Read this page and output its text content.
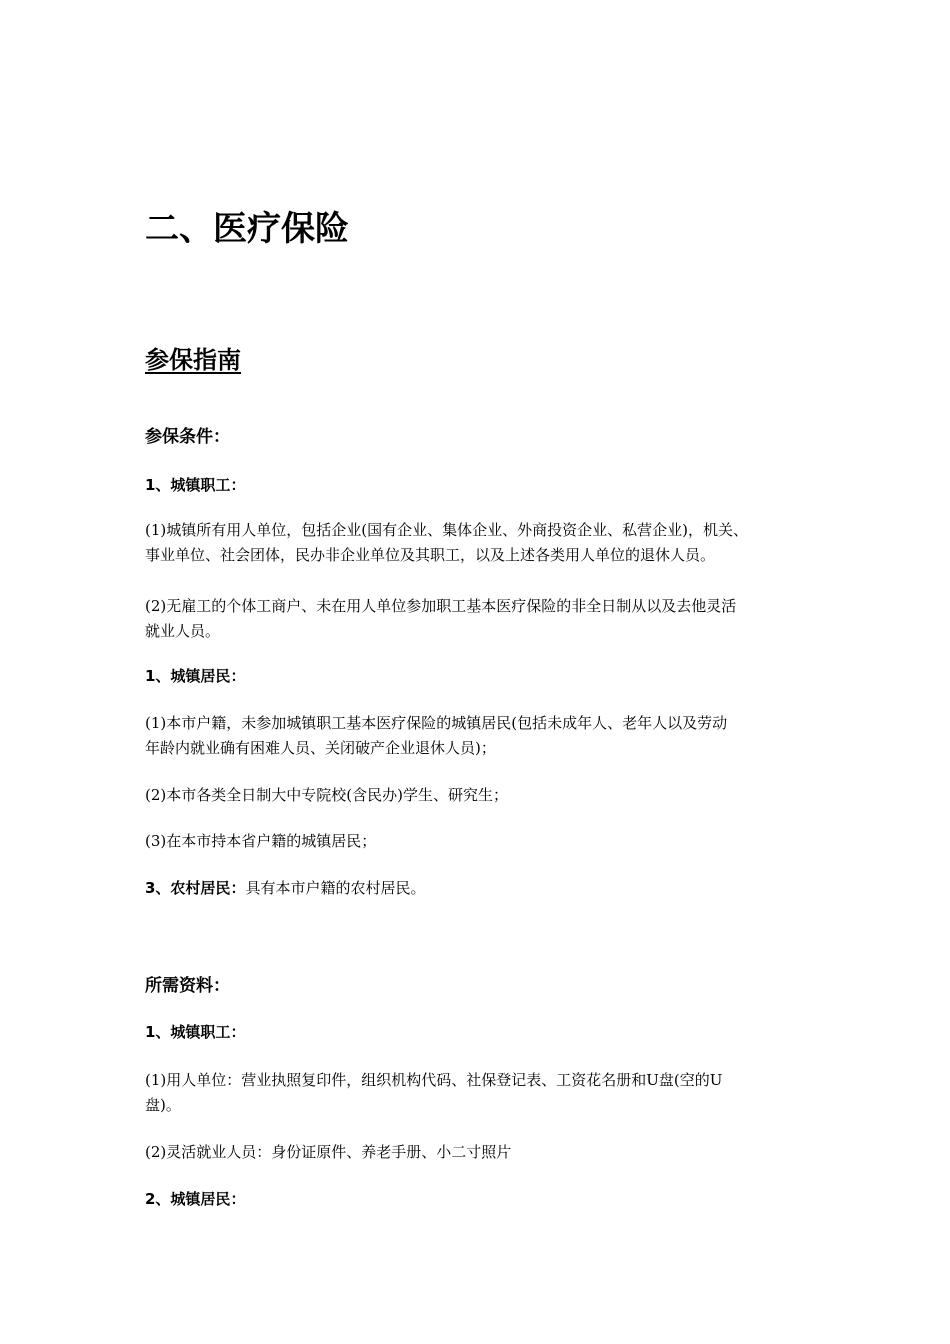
二、医疗保险
参保指南
参保条件：
1、城镇职工：
(1)城镇所有用人单位，包括企业(国有企业、集体企业、外商投资企业、私营企业)，机关、
事业单位、社会团体，民办非企业单位及其职工，以及上述各类用人单位的退休人员。
(2)无雇工的个体工商户、未在用人单位参加职工基本医疗保险的非全日制从以及去他灵活
就业人员。
1、城镇居民：
(1)本市户籍，未参加城镇职工基本医疗保险的城镇居民(包括未成年人、老年人以及劳动
年龄内就业确有困难人员、关闭破产企业退休人员)；
(2)本市各类全日制大中专院校(含民办)学生、研究生；
(3)在本市持本省户籍的城镇居民；
3、农村居民：具有本市户籍的农村居民。
所需资料：
1、城镇职工：
(1)用人单位：营业执照复印件，组织机构代码、社保登记表、工资花名册和U盘(空的U
盘)。
(2)灵活就业人员：身份证原件、养老手册、小二寸照片
2、城镇居民：
